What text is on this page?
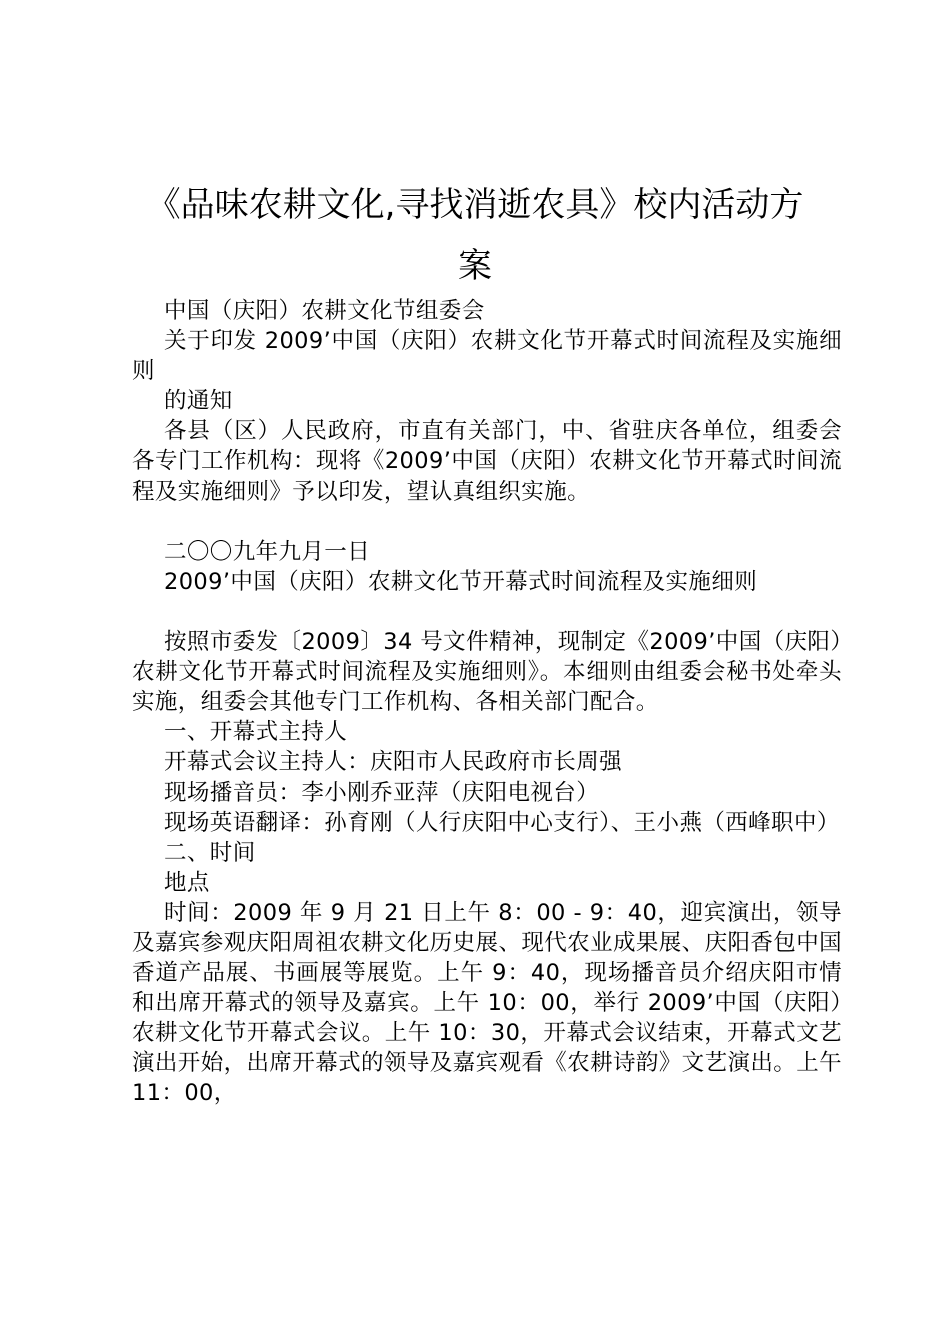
《品味农耕文化,寻找消逝农具》校内活动方
案

中国（庆阳）农耕文化节组委会

关于印发 2009’中国（庆阳）农耕文化节开幕式时间流程及实施细则

的通知

各县（区）人民政府，市直有关部门，中、省驻庆各单位，组委会各专门工作机构：现将《2009’中国（庆阳）农耕文化节开幕式时间流程及实施细则》予以印发，望认真组织实施。

二〇〇九年九月一日

2009’中国（庆阳）农耕文化节开幕式时间流程及实施细则

按照市委发〔2009〕34 号文件精神，现制定《2009’中国（庆阳）农耕文化节开幕式时间流程及实施细则》。本细则由组委会秘书处牵头实施，组委会其他专门工作机构、各相关部门配合。

一、开幕式主持人

开幕式会议主持人：庆阳市人民政府市长周强

现场播音员：李小刚乔亚萍（庆阳电视台）

现场英语翻译：孙育刚（人行庆阳中心支行）、王小燕（西峰职中）

二、时间

地点

时间：2009 年 9 月 21 日上午 8：00 - 9：40，迎宾演出，领导及嘉宾参观庆阳周祖农耕文化历史展、现代农业成果展、庆阳香包中国香道产品展、书画展等展览。上午 9：40，现场播音员介绍庆阳市情和出席开幕式的领导及嘉宾。上午 10：00，举行 2009’中国（庆阳）农耕文化节开幕式会议。上午 10：30，开幕式会议结束，开幕式文艺演出开始，出席开幕式的领导及嘉宾观看《农耕诗韵》文艺演出。上午 11：00，
